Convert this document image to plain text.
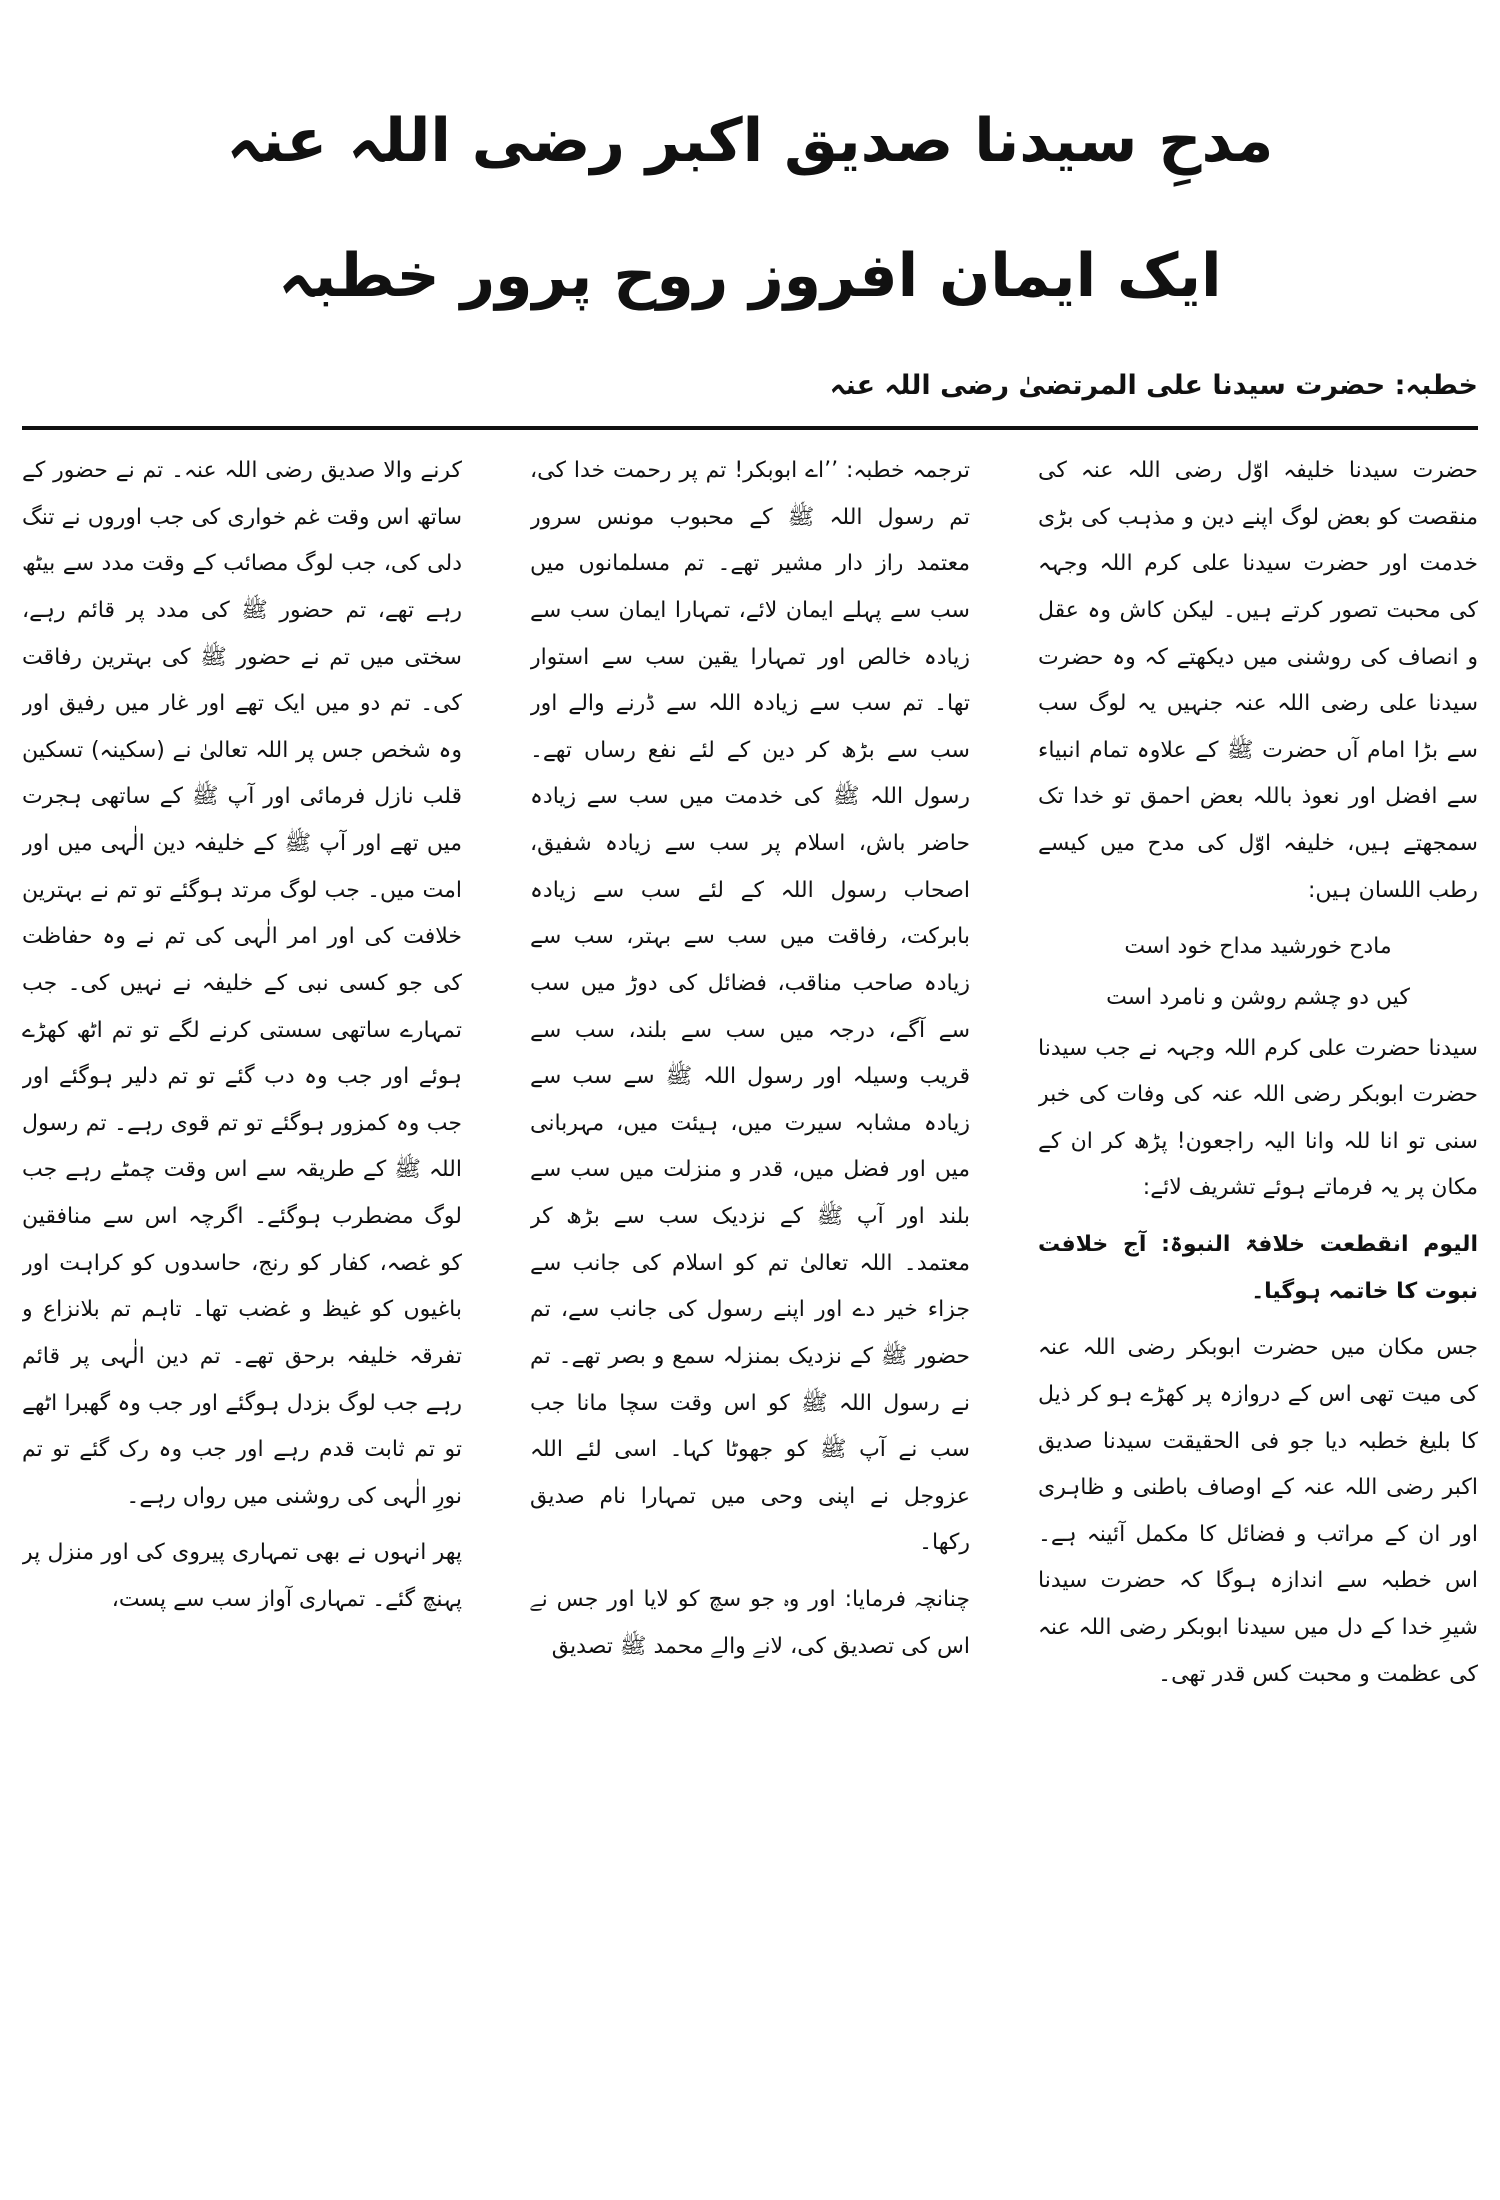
مدحِ سیدنا صدیق اکبر رضی اللہ عنہ
ایک ایمان افروز روح پرور خطبہ
خطبہ: حضرت سیدنا علی المرتضیٰ رضی اللہ عنہ

حضرت سیدنا خلیفہ اوّل رضی اللہ عنہ کی منقصت کو بعض لوگ اپنے دین و مذہب کی بڑی خدمت اور حضرت سیدنا علی کرم اللہ وجہہ کی محبت تصور کرتے ہیں۔ لیکن کاش وہ عقل و انصاف کی روشنی میں دیکھتے کہ وہ حضرت سیدنا علی رضی اللہ عنہ جنہیں یہ لوگ سب سے بڑا امام آں حضرت ﷺ کے علاوہ تمام انبیاء سے افضل اور نعوذ باللہ بعض احمق تو خدا تک سمجھتے ہیں، خلیفہ اوّل کی مدح میں کیسے رطب اللسان ہیں:

مادح خورشید مداح خود است

کیں دو چشم روشن و نامرد است

سیدنا حضرت علی کرم اللہ وجہہ نے جب سیدنا حضرت ابوبکر رضی اللہ عنہ کی وفات کی خبر سنی تو انا للہ وانا الیہ راجعون! پڑھ کر ان کے مکان پر یہ فرماتے ہوئے تشریف لائے:

الیوم انقطعت خلافۃ النبوۃ: آج خلافت نبوت کا خاتمہ ہوگیا۔

جس مکان میں حضرت ابوبکر رضی اللہ عنہ کی میت تھی اس کے دروازہ پر کھڑے ہو کر ذیل کا بلیغ خطبہ دیا جو فی الحقیقت سیدنا صدیق اکبر رضی اللہ عنہ کے اوصاف باطنی و ظاہری اور ان کے مراتب و فضائل کا مکمل آئینہ ہے۔ اس خطبہ سے اندازہ ہوگا کہ حضرت سیدنا شیرِ خدا کے دل میں سیدنا ابوبکر رضی اللہ عنہ کی عظمت و محبت کس قدر تھی۔

ترجمہ خطبہ: ’’اے ابوبکر! تم پر رحمت خدا کی، تم رسول اللہ ﷺ کے محبوب مونس سرور معتمد راز دار مشیر تھے۔ تم مسلمانوں میں سب سے پہلے ایمان لائے، تمہارا ایمان سب سے زیادہ خالص اور تمہارا یقین سب سے استوار تھا۔ تم سب سے زیادہ اللہ سے ڈرنے والے اور سب سے بڑھ کر دین کے لئے نفع رساں تھے۔ رسول اللہ ﷺ کی خدمت میں سب سے زیادہ حاضر باش، اسلام پر سب سے زیادہ شفیق، اصحاب رسول اللہ کے لئے سب سے زیادہ بابرکت، رفاقت میں سب سے بہتر، سب سے زیادہ صاحب مناقب، فضائل کی دوڑ میں سب سے آگے، درجہ میں سب سے بلند، سب سے قریب وسیلہ اور رسول اللہ ﷺ سے سب سے زیادہ مشابہ سیرت میں، ہیئت میں، مہربانی میں اور فضل میں، قدر و منزلت میں سب سے بلند اور آپ ﷺ کے نزدیک سب سے بڑھ کر معتمد۔ اللہ تعالیٰ تم کو اسلام کی جانب سے جزاء خیر دے اور اپنے رسول کی جانب سے، تم حضور ﷺ کے نزدیک بمنزلہ سمع و بصر تھے۔ تم نے رسول اللہ ﷺ کو اس وقت سچا مانا جب سب نے آپ ﷺ کو جھوٹا کہا۔ اسی لئے اللہ عزوجل نے اپنی وحی میں تمہارا نام صدیق رکھا۔

چنانچہ فرمایا: اور وہ جو سچ کو لایا اور جس نے اس کی تصدیق کی، لانے والے محمد ﷺ تصدیق

کرنے والا صدیق رضی اللہ عنہ۔ تم نے حضور کے ساتھ اس وقت غم خواری کی جب اوروں نے تنگ دلی کی، جب لوگ مصائب کے وقت مدد سے بیٹھ رہے تھے، تم حضور ﷺ کی مدد پر قائم رہے، سختی میں تم نے حضور ﷺ کی بہترین رفاقت کی۔ تم دو میں ایک تھے اور غار میں رفیق اور وہ شخص جس پر اللہ تعالیٰ نے (سکینہ) تسکین قلب نازل فرمائی اور آپ ﷺ کے ساتھی ہجرت میں تھے اور آپ ﷺ کے خلیفہ دین الٰہی میں اور امت میں۔ جب لوگ مرتد ہوگئے تو تم نے بہترین خلافت کی اور امر الٰہی کی تم نے وہ حفاظت کی جو کسی نبی کے خلیفہ نے نہیں کی۔ جب تمہارے ساتھی سستی کرنے لگے تو تم اٹھ کھڑے ہوئے اور جب وہ دب گئے تو تم دلیر ہوگئے اور جب وہ کمزور ہوگئے تو تم قوی رہے۔ تم رسول اللہ ﷺ کے طریقہ سے اس وقت چمٹے رہے جب لوگ مضطرب ہوگئے۔ اگرچہ اس سے منافقین کو غصہ، کفار کو رنج، حاسدوں کو کراہت اور باغیوں کو غیظ و غضب تھا۔ تاہم تم بلانزاع و تفرقہ خلیفہ برحق تھے۔ تم دین الٰہی پر قائم رہے جب لوگ بزدل ہوگئے اور جب وہ گھبرا اٹھے تو تم ثابت قدم رہے اور جب وہ رک گئے تو تم نورِ الٰہی کی روشنی میں رواں رہے۔

پھر انہوں نے بھی تمہاری پیروی کی اور منزل پر پہنچ گئے۔ تمہاری آواز سب سے پست،
